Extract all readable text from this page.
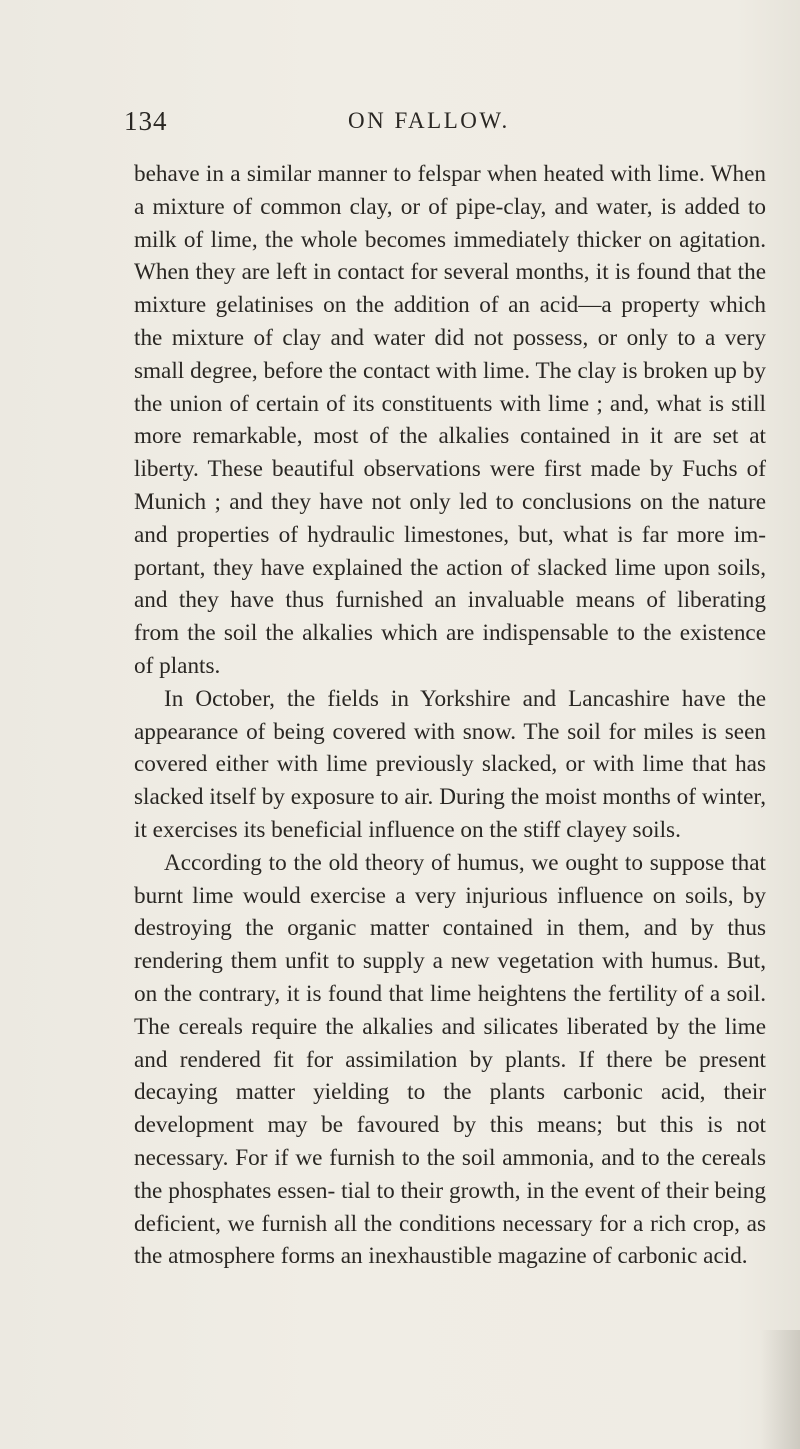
134	ON FALLOW.

behave in a similar manner to felspar when heated with lime. When a mixture of common clay, or of pipe-clay, and water, is added to milk of lime, the whole becomes immediately thicker on agitation. When they are left in contact for several months, it is found that the mixture gelatinises on the addition of an acid—a property which the mixture of clay and water did not possess, or only to a very small degree, before the contact with lime. The clay is broken up by the union of certain of its constituents with lime ; and, what is still more remarkable, most of the alkalies contained in it are set at liberty. These beautiful observations were first made by Fuchs of Munich ; and they have not only led to conclusions on the nature and properties of hydraulic limestones, but, what is far more im- portant, they have explained the action of slacked lime upon soils, and they have thus furnished an invaluable means of liberating from the soil the alkalies which are indispensable to the existence of plants.

In October, the fields in Yorkshire and Lancashire have the appearance of being covered with snow. The soil for miles is seen covered either with lime previously slacked, or with lime that has slacked itself by exposure to air. During the moist months of winter, it exercises its beneficial influence on the stiff clayey soils.

According to the old theory of humus, we ought to suppose that burnt lime would exercise a very injurious influence on soils, by destroying the organic matter contained in them, and by thus rendering them unfit to supply a new vegetation with humus. But, on the contrary, it is found that lime heightens the fertility of a soil. The cereals require the alkalies and silicates liberated by the lime and rendered fit for assimilation by plants. If there be present decaying matter yielding to the plants carbonic acid, their development may be favoured by this means; but this is not necessary. For if we furnish to the soil ammonia, and to the cereals the phosphates essen- tial to their growth, in the event of their being deficient, we furnish all the conditions necessary for a rich crop, as the atmosphere forms an inexhaustible magazine of carbonic acid.
